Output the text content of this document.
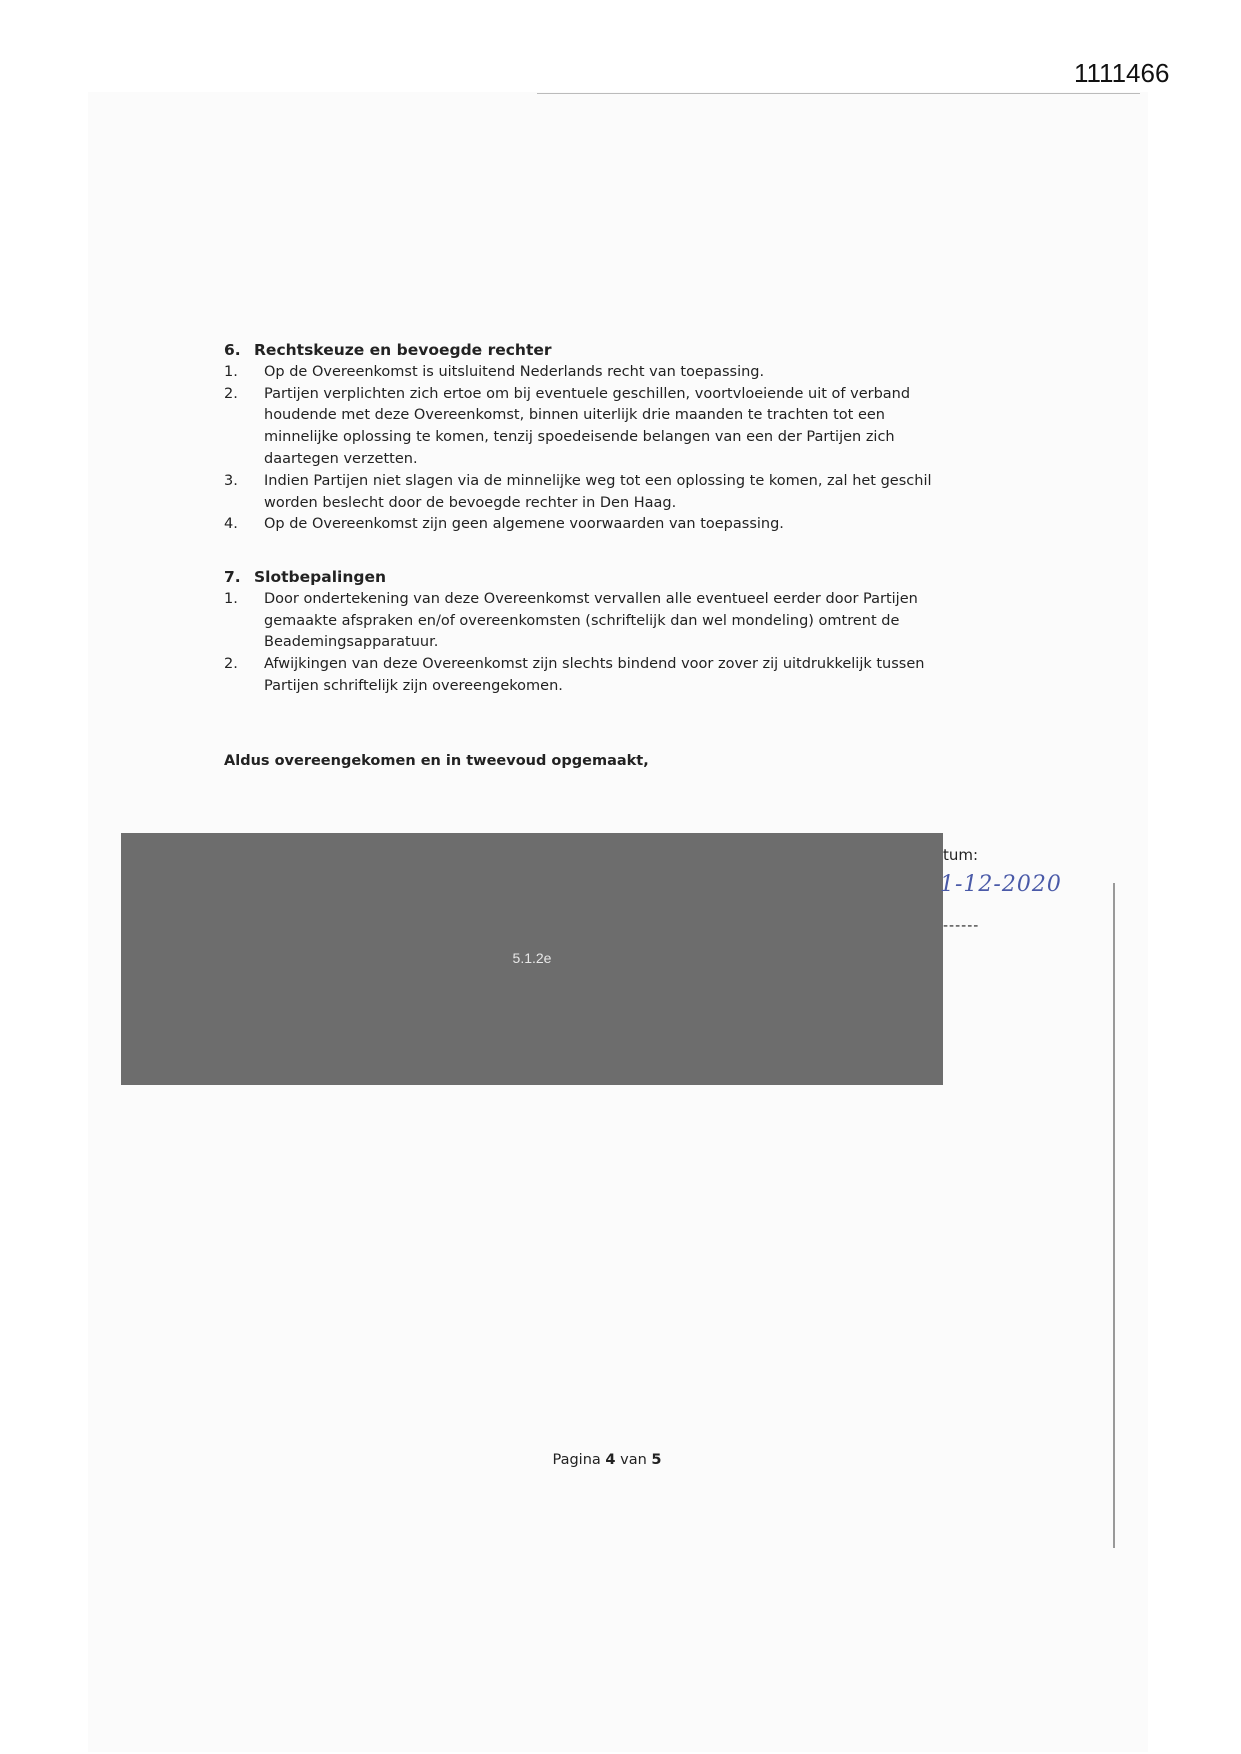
1111466
6. Rechtskeuze en bevoegde rechter
1.	Op de Overeenkomst is uitsluitend Nederlands recht van toepassing.
2.	Partijen verplichten zich ertoe om bij eventuele geschillen, voortvloeiende uit of verband
houdende met deze Overeenkomst, binnen uiterlijk drie maanden te trachten tot een
minnelijke oplossing te komen, tenzij spoedeisende belangen van een der Partijen zich
daartegen verzetten.
3.	Indien Partijen niet slagen via de minnelijke weg tot een oplossing te komen, zal het geschil
worden beslecht door de bevoegde rechter in Den Haag.
4.	Op de Overeenkomst zijn geen algemene voorwaarden van toepassing.
7. Slotbepalingen
1.	Door ondertekening van deze Overeenkomst vervallen alle eventueel eerder door Partijen
gemaakte afspraken en/of overeenkomsten (schriftelijk dan wel mondeling) omtrent de
Beademingsapparatuur.
2.	Afwijkingen van deze Overeenkomst zijn slechts bindend voor zover zij uitdrukkelijk tussen
Partijen schriftelijk zijn overeengekomen.
Aldus overeengekomen en in tweevoud opgemaakt,
5.1.2e
tum:
1-12-2020
------
Pagina 4 van 5
